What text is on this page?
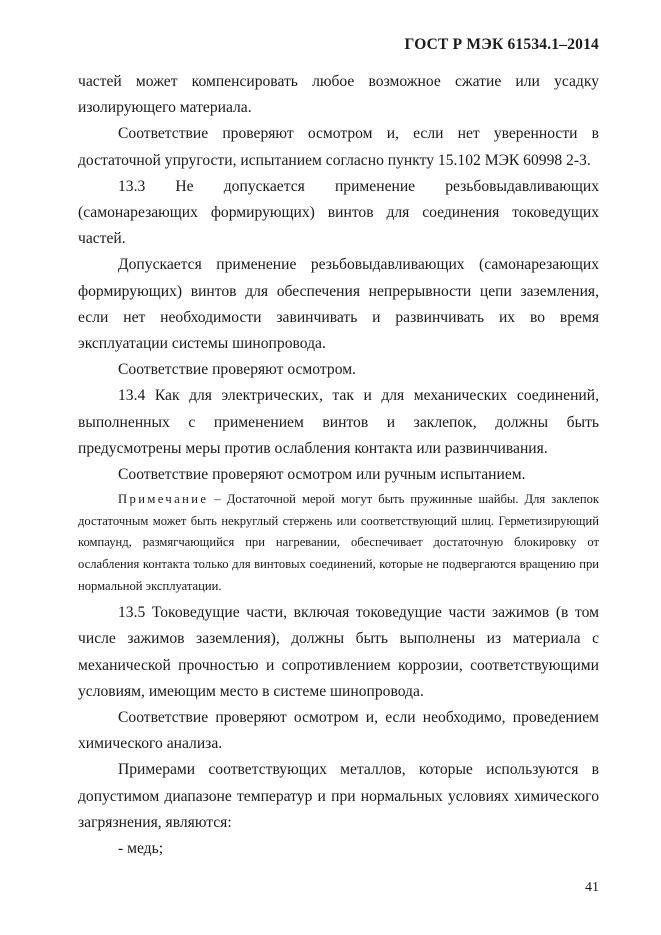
ГОСТ Р МЭК 61534.1–2014

частей может компенсировать любое возможное сжатие или усадку изолирующего материала.

Соответствие проверяют осмотром и, если нет уверенности в достаточной упругости, испытанием согласно пункту 15.102 МЭК 60998 2-3.

13.3 Не допускается применение резьбовыдавливающих (самонарезающих формирующих) винтов для соединения токоведущих частей.

Допускается применение резьбовыдавливающих (самонарезающих формирующих) винтов для обеспечения непрерывности цепи заземления, если нет необходимости завинчивать и развинчивать их во время эксплуатации системы шинопровода.

Соответствие проверяют осмотром.

13.4 Как для электрических, так и для механических соединений, выполненных с применением винтов и заклепок, должны быть предусмотрены меры против ослабления контакта или развинчивания.

Соответствие проверяют осмотром или ручным испытанием.

Примечание – Достаточной мерой могут быть пружинные шайбы. Для заклепок достаточным может быть некруглый стержень или соответствующий шлиц. Герметизирующий компаунд, размягчающийся при нагревании, обеспечивает достаточную блокировку от ослабления контакта только для винтовых соединений, которые не подвергаются вращению при нормальной эксплуатации.

13.5 Токоведущие части, включая токоведущие части зажимов (в том числе зажимов заземления), должны быть выполнены из материала с механической прочностью и сопротивлением коррозии, соответствующими условиям, имеющим место в системе шинопровода.

Соответствие проверяют осмотром и, если необходимо, проведением химического анализа.

Примерами соответствующих металлов, которые используются в допустимом диапазоне температур и при нормальных условиях химического загрязнения, являются:

- медь;

41
